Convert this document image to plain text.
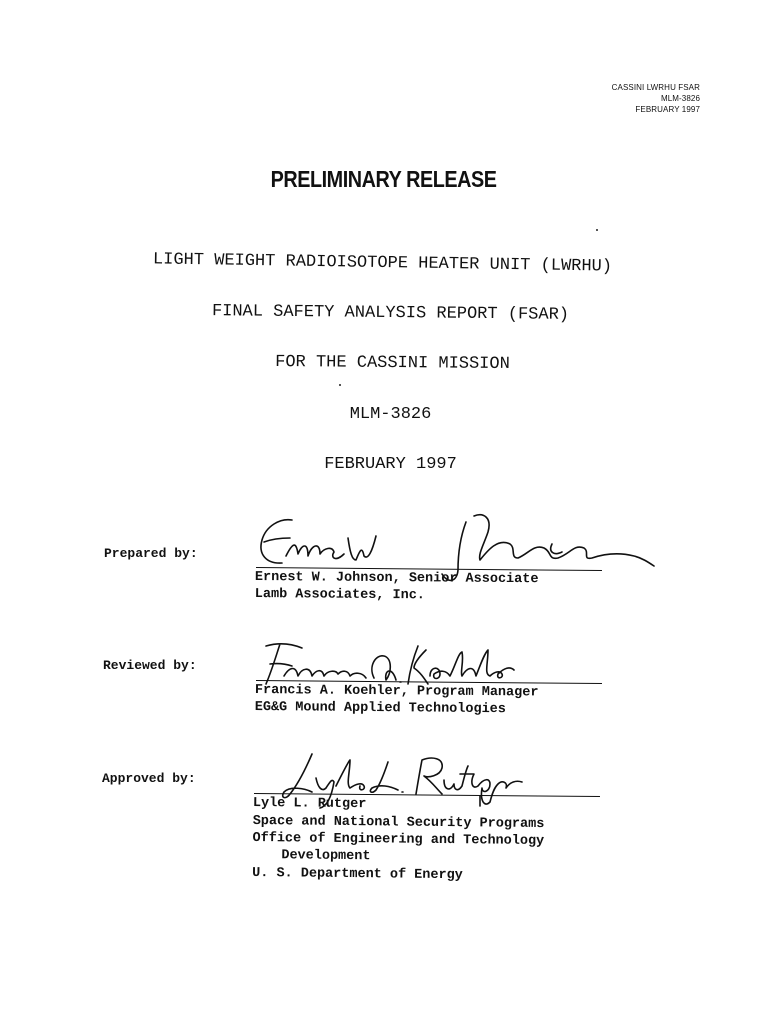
CASSINI LWRHU FSAR
MLM-3826
FEBRUARY 1997
PRELIMINARY RELEASE
LIGHT WEIGHT RADIOISOTOPE HEATER UNIT (LWRHU)
FINAL SAFETY ANALYSIS REPORT (FSAR)
FOR THE CASSINI MISSION
MLM-3826
FEBRUARY 1997
Prepared by:
Ernest W. Johnson, Senior Associate
Lamb Associates, Inc.
Reviewed by:
Francis A. Koehler, Program Manager
EG&G Mound Applied Technologies
Approved by:
Lyle L. Rutger
Space and National Security Programs
Office of Engineering and Technology
Development
U. S. Department of Energy
